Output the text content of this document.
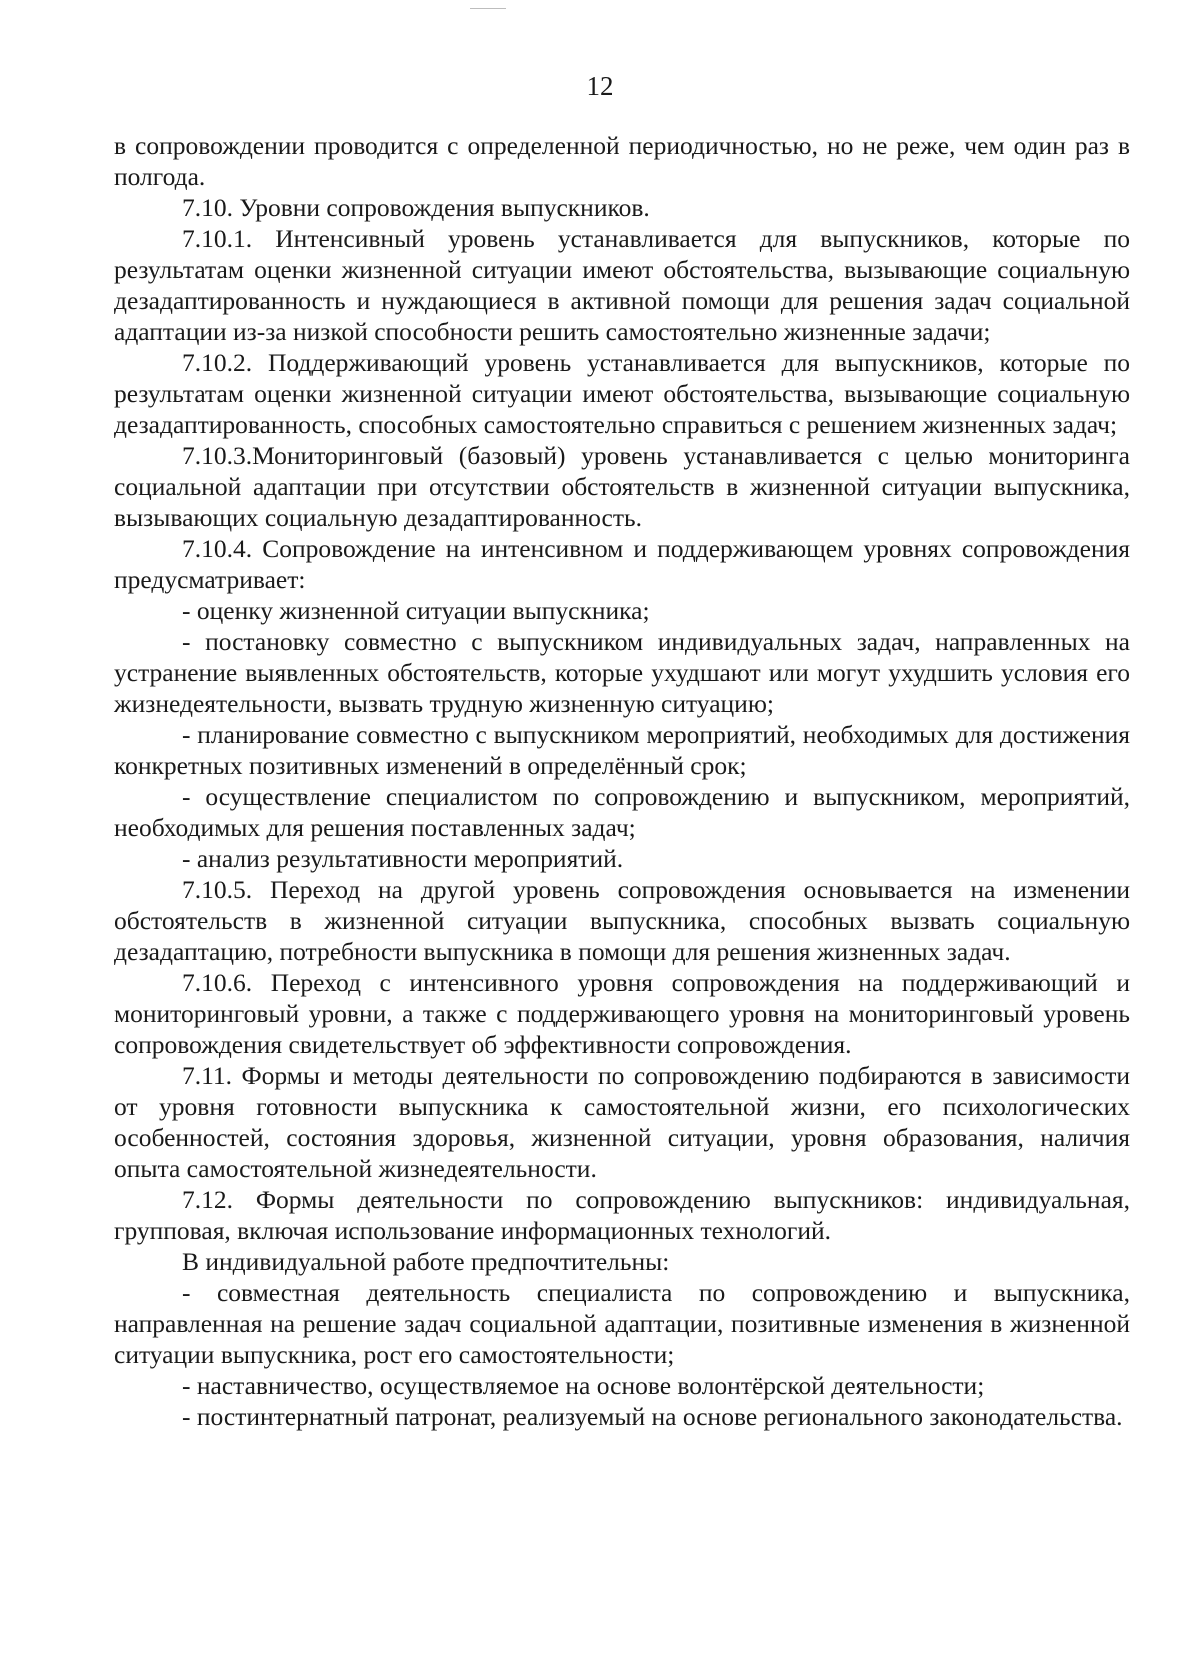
12

в сопровождении проводится с определенной периодичностью, но не реже, чем один раз в полгода.

7.10. Уровни сопровождения выпускников.

7.10.1. Интенсивный уровень устанавливается для выпускников, которые по результатам оценки жизненной ситуации имеют обстоятельства, вызывающие социальную дезадаптированность и нуждающиеся в активной помощи для решения задач социальной адаптации из-за низкой способности решить самостоятельно жизненные задачи;

7.10.2. Поддерживающий уровень устанавливается для выпускников, которые по результатам оценки жизненной ситуации имеют обстоятельства, вызывающие социальную дезадаптированность, способных самостоятельно справиться с решением жизненных задач;

7.10.3.Мониторинговый (базовый) уровень устанавливается с целью мониторинга социальной адаптации при отсутствии обстоятельств в жизненной ситуации выпускника, вызывающих социальную дезадаптированность.

7.10.4. Сопровождение на интенсивном и поддерживающем уровнях сопровождения предусматривает:

- оценку жизненной ситуации выпускника;

- постановку совместно с выпускником индивидуальных задач, направленных на устранение выявленных обстоятельств, которые ухудшают или могут ухудшить условия его жизнедеятельности, вызвать трудную жизненную ситуацию;

- планирование совместно с выпускником мероприятий, необходимых для достижения конкретных позитивных изменений в определённый срок;

- осуществление специалистом по сопровождению и выпускником, мероприятий, необходимых для решения поставленных задач;

- анализ результативности мероприятий.

7.10.5. Переход на другой уровень сопровождения основывается на изменении обстоятельств в жизненной ситуации выпускника, способных вызвать социальную дезадаптацию, потребности выпускника в помощи для решения жизненных задач.

7.10.6. Переход с интенсивного уровня сопровождения на поддерживающий и мониторинговый уровни, а также с поддерживающего уровня на мониторинговый уровень сопровождения свидетельствует об эффективности сопровождения.

7.11. Формы и методы деятельности по сопровождению подбираются в зависимости от уровня готовности выпускника к самостоятельной жизни, его психологических особенностей, состояния здоровья, жизненной ситуации, уровня образования, наличия опыта самостоятельной жизнедеятельности.

7.12. Формы деятельности по сопровождению выпускников: индивидуальная, групповая, включая использование информационных технологий.

В индивидуальной работе предпочтительны:

- совместная деятельность специалиста по сопровождению и выпускника, направленная на решение задач социальной адаптации, позитивные изменения в жизненной ситуации выпускника, рост его самостоятельности;

- наставничество, осуществляемое на основе волонтёрской деятельности;

- постинтернатный патронат, реализуемый на основе регионального законодательства.
